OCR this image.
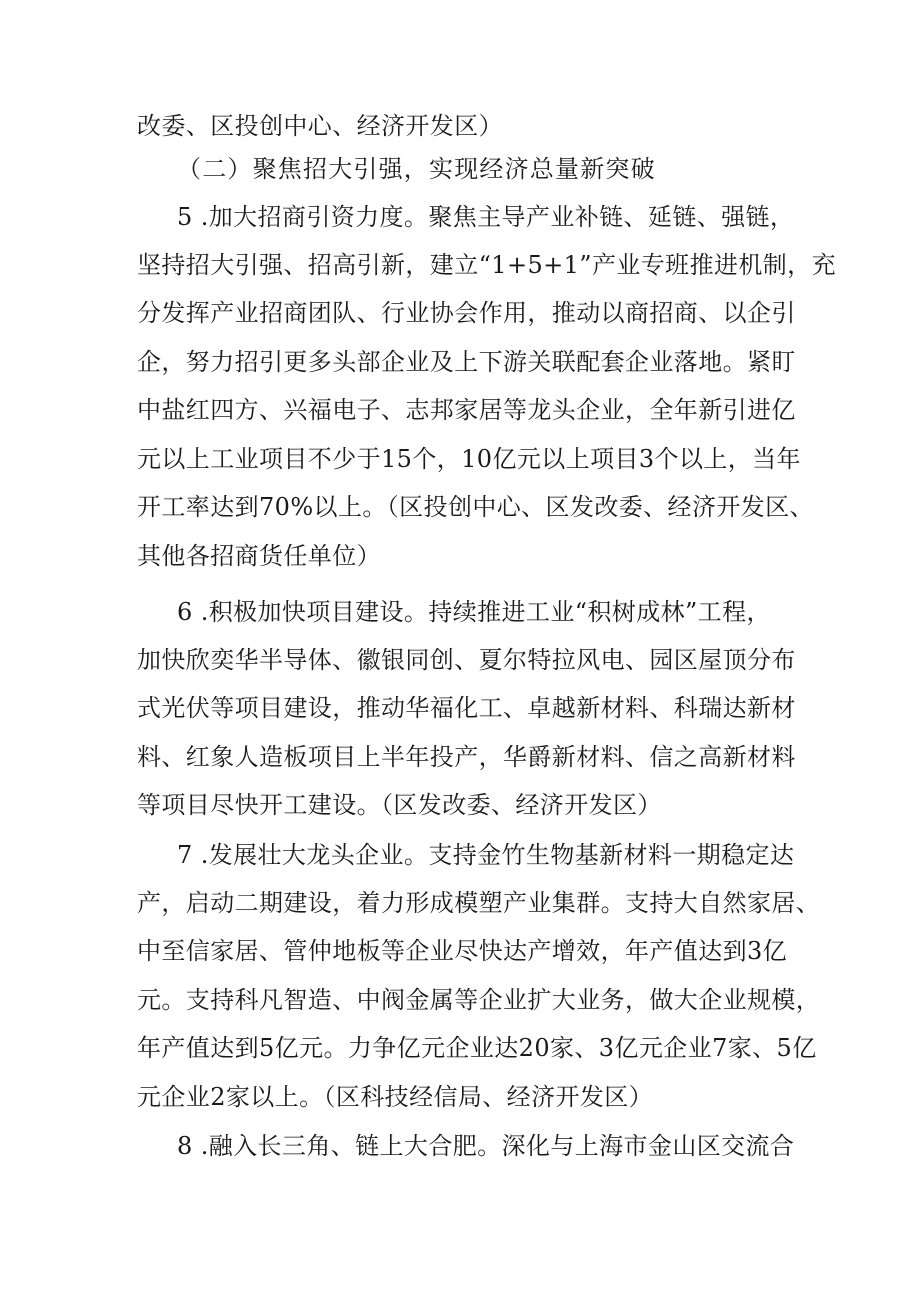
改委、区投创中心、经济开发区）
（二）聚焦招大引强，实现经济总量新突破
5 .加大招商引资力度。聚焦主导产业补链、延链、强链，
坚持招大引强、招高引新，建立“1+5+1”产业专班推进机制，充
分发挥产业招商团队、行业协会作用，推动以商招商、以企引
企，努力招引更多头部企业及上下游关联配套企业落地。紧盯
中盐红四方、兴福电子、志邦家居等龙头企业，全年新引进亿
元以上工业项目不少于15个，10亿元以上项目3个以上，当年
开工率达到70%以上。（区投创中心、区发改委、经济开发区、
其他各招商货任单位）
6 .积极加快项目建设。持续推进工业“积树成林”工程，
加快欣奕华半导体、徽银同创、夏尔特拉风电、园区屋顶分布
式光伏等项目建设，推动华福化工、卓越新材料、科瑞达新材
料、红象人造板项目上半年投产，华爵新材料、信之高新材料
等项目尽快开工建设。（区发改委、经济开发区）
7 .发展壮大龙头企业。支持金竹生物基新材料一期稳定达
产，启动二期建设，着力形成模塑产业集群。支持大自然家居、
中至信家居、管仲地板等企业尽快达产增效，年产值达到3亿
元。支持科凡智造、中阀金属等企业扩大业务，做大企业规模，
年产值达到5亿元。力争亿元企业达20家、3亿元企业7家、5亿
元企业2家以上。（区科技经信局、经济开发区）
8 .融入长三角、链上大合肥。深化与上海市金山区交流合
